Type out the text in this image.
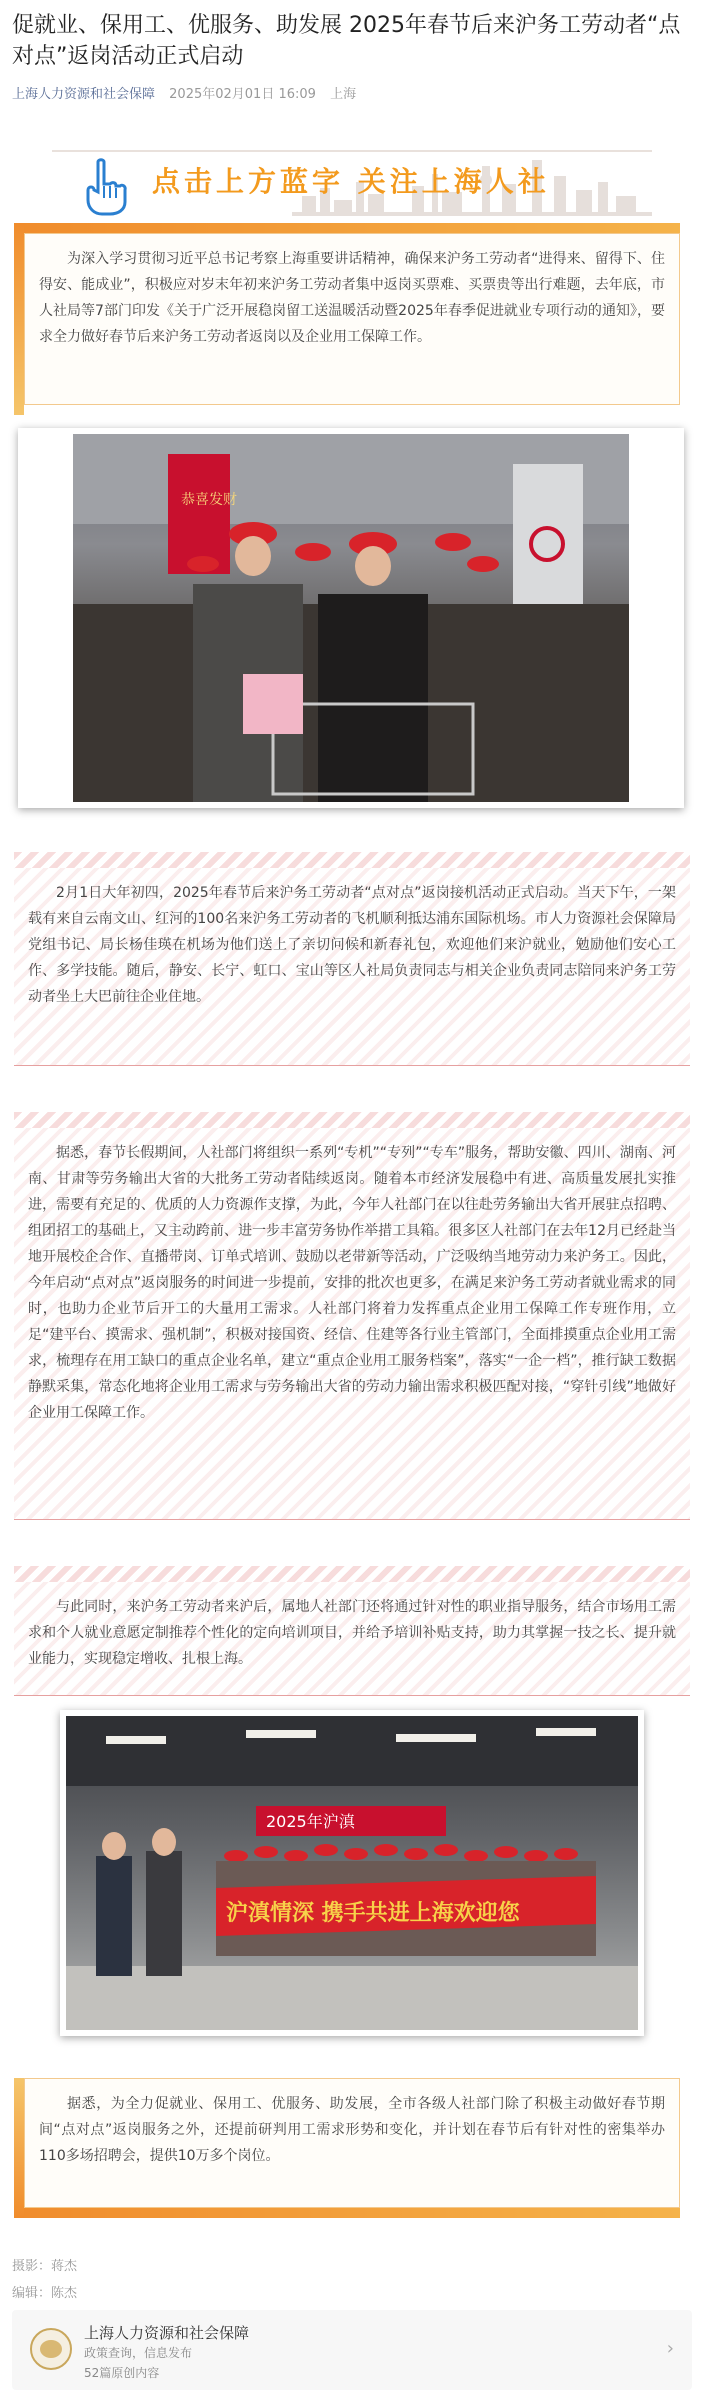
促就业、保用工、优服务、助发展 2025年春节后来沪务工劳动者“点对点”返岗活动正式启动
上海人力资源和社会保障 2025年02月01日 16:09 上海
点击上方蓝字 关注上海人社

为深入学习贯彻习近平总书记考察上海重要讲话精神，确保来沪务工劳动者“进得来、留得下、住得安、能成业”，积极应对岁末年初来沪务工劳动者集中返岗买票难、买票贵等出行难题，去年底，市人社局等7部门印发《关于广泛开展稳岗留工送温暖活动暨2025年春季促进就业专项行动的通知》，要求全力做好春节后来沪务工劳动者返岗以及企业用工保障工作。

恭喜发财

2月1日大年初四，2025年春节后来沪务工劳动者“点对点”返岗接机活动正式启动。当天下午，一架载有来自云南文山、红河的100名来沪务工劳动者的飞机顺利抵达浦东国际机场。市人力资源社会保障局党组书记、局长杨佳瑛在机场为他们送上了亲切问候和新春礼包，欢迎他们来沪就业，勉励他们安心工作、多学技能。随后，静安、长宁、虹口、宝山等区人社局负责同志与相关企业负责同志陪同来沪务工劳动者坐上大巴前往企业住地。

据悉，春节长假期间，人社部门将组织一系列“专机”“专列”“专车”服务，帮助安徽、四川、湖南、河南、甘肃等劳务输出大省的大批务工劳动者陆续返岗。随着本市经济发展稳中有进、高质量发展扎实推进，需要有充足的、优质的人力资源作支撑，为此，今年人社部门在以往赴劳务输出大省开展驻点招聘、组团招工的基础上，又主动跨前、进一步丰富劳务协作举措工具箱。很多区人社部门在去年12月已经赴当地开展校企合作、直播带岗、订单式培训、鼓励以老带新等活动，广泛吸纳当地劳动力来沪务工。因此，今年启动“点对点”返岗服务的时间进一步提前，安排的批次也更多，在满足来沪务工劳动者就业需求的同时，也助力企业节后开工的大量用工需求。人社部门将着力发挥重点企业用工保障工作专班作用，立足“建平台、摸需求、强机制”，积极对接国资、经信、住建等各行业主管部门，全面排摸重点企业用工需求，梳理存在用工缺口的重点企业名单，建立“重点企业用工服务档案”，落实“一企一档”，推行缺工数据静默采集，常态化地将企业用工需求与劳务输出大省的劳动力输出需求积极匹配对接，“穿针引线”地做好企业用工保障工作。

与此同时，来沪务工劳动者来沪后，属地人社部门还将通过针对性的职业指导服务，结合市场用工需求和个人就业意愿定制推荐个性化的定向培训项目，并给予培训补贴支持，助力其掌握一技之长、提升就业能力，实现稳定增收、扎根上海。

2025年沪滇
沪滇情深 携手共进上海欢迎您

据悉，为全力促就业、保用工、优服务、助发展，全市各级人社部门除了积极主动做好春节期间“点对点”返岗服务之外，还提前研判用工需求形势和变化，并计划在春节后有针对性的密集举办110多场招聘会，提供10万多个岗位。

摄影：蒋杰
编辑：陈杰
上海人力资源和社会保障
政策查询，信息发布
52篇原创内容
›
